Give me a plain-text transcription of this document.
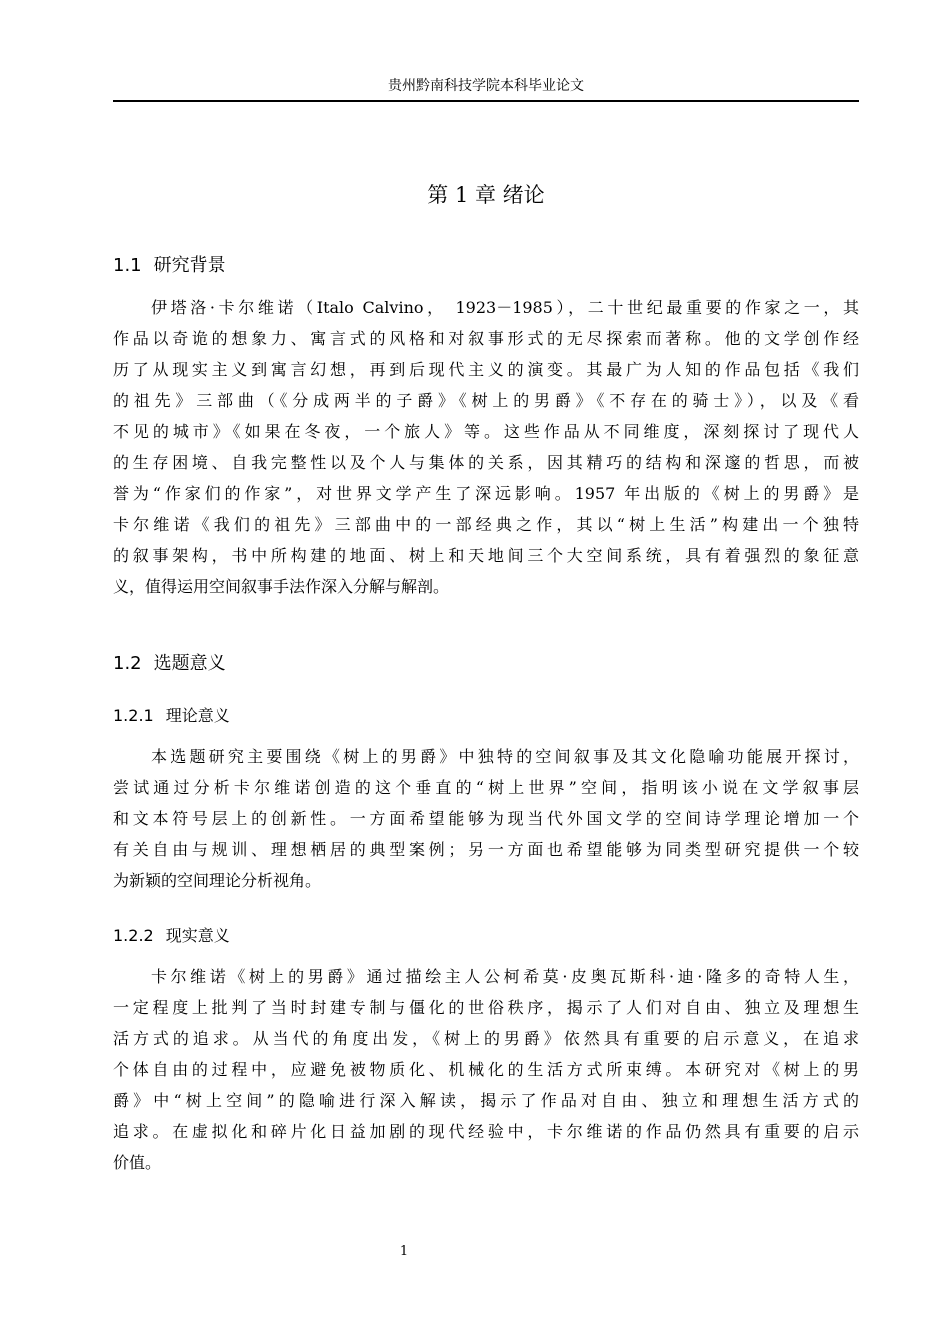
贵州黔南科技学院本科毕业论文
第 1 章 绪论
1.1 研究背景
伊塔洛·卡尔维诺（Italo Calvino， 1923－1985），二十世纪最重要的作家之一，其
作品以奇诡的想象力、寓言式的风格和对叙事形式的无尽探索而著称。他的文学创作经
历了从现实主义到寓言幻想，再到后现代主义的演变。其最广为人知的作品包括《我们
的祖先》三部曲（《分成两半的子爵》《树上的男爵》《不存在的骑士》），以及《看
不见的城市》《如果在冬夜，一个旅人》等。这些作品从不同维度，深刻探讨了现代人
的生存困境、自我完整性以及个人与集体的关系，因其精巧的结构和深邃的哲思，而被
誉为“作家们的作家”，对世界文学产生了深远影响。1957 年出版的《树上的男爵》是
卡尔维诺《我们的祖先》三部曲中的一部经典之作，其以“树上生活”构建出一个独特
的叙事架构，书中所构建的地面、树上和天地间三个大空间系统，具有着强烈的象征意
义，值得运用空间叙事手法作深入分解与解剖。
1.2 选题意义
1.2.1 理论意义
本选题研究主要围绕《树上的男爵》中独特的空间叙事及其文化隐喻功能展开探讨，
尝试通过分析卡尔维诺创造的这个垂直的“树上世界”空间，指明该小说在文学叙事层
和文本符号层上的创新性。一方面希望能够为现当代外国文学的空间诗学理论增加一个
有关自由与规训、理想栖居的典型案例；另一方面也希望能够为同类型研究提供一个较
为新颖的空间理论分析视角。
1.2.2 现实意义
卡尔维诺《树上的男爵》通过描绘主人公柯希莫·皮奥瓦斯科·迪·隆多的奇特人生，
一定程度上批判了当时封建专制与僵化的世俗秩序，揭示了人们对自由、独立及理想生
活方式的追求。从当代的角度出发，《树上的男爵》依然具有重要的启示意义，在追求
个体自由的过程中，应避免被物质化、机械化的生活方式所束缚。本研究对《树上的男
爵》中“树上空间”的隐喻进行深入解读，揭示了作品对自由、独立和理想生活方式的
追求。在虚拟化和碎片化日益加剧的现代经验中，卡尔维诺的作品仍然具有重要的启示
价值。
1
